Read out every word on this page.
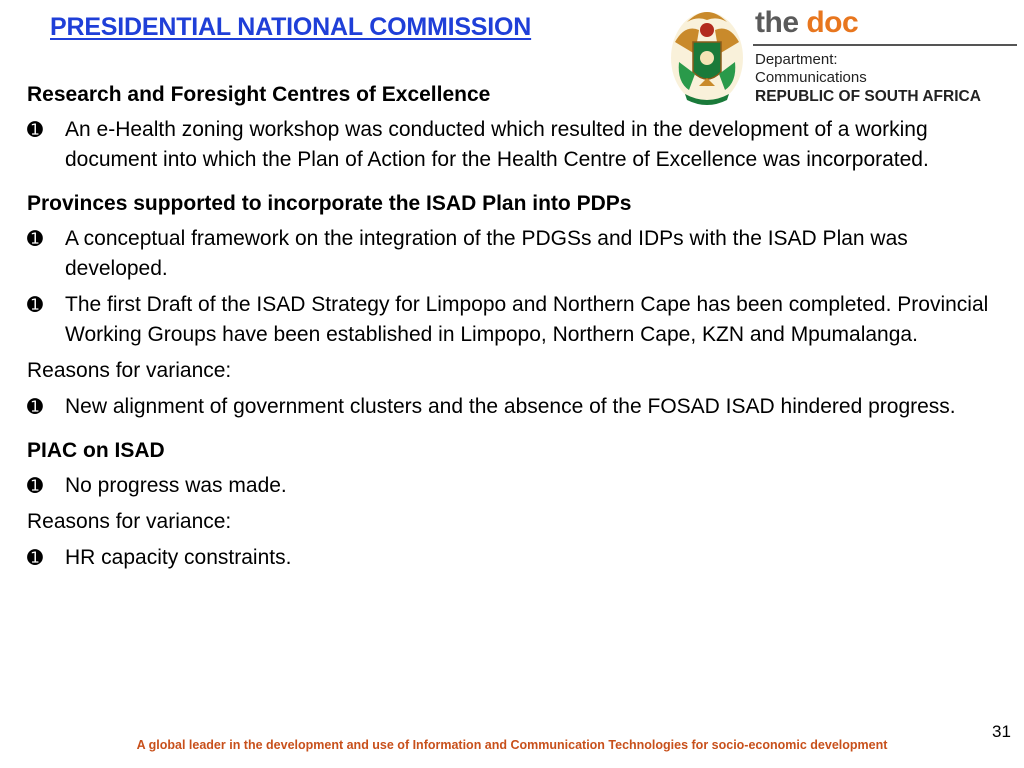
PRESIDENTIAL NATIONAL COMMISSION	the doc
Department:
Communications
REPUBLIC OF SOUTH AFRICA

Research and Foresight Centres of Excellence

➊	An e-Health zoning workshop was conducted which resulted in the development of a working document into which the Plan of Action for the Health Centre of Excellence was incorporated.

Provinces supported to incorporate the ISAD Plan into PDPs

➊	A conceptual framework on the integration of the PDGSs and IDPs with the ISAD Plan was developed.

➊	The first Draft of the ISAD Strategy for Limpopo and Northern Cape has been completed. Provincial Working Groups have been established in Limpopo, Northern Cape, KZN and Mpumalanga.

Reasons for variance:

➊	New alignment of government clusters and the absence of the FOSAD ISAD hindered progress.

PIAC on ISAD

➊	No progress was made.

Reasons for variance:

➊	HR capacity constraints.

31
A global leader in the development and use of Information and Communication Technologies for socio-economic development
